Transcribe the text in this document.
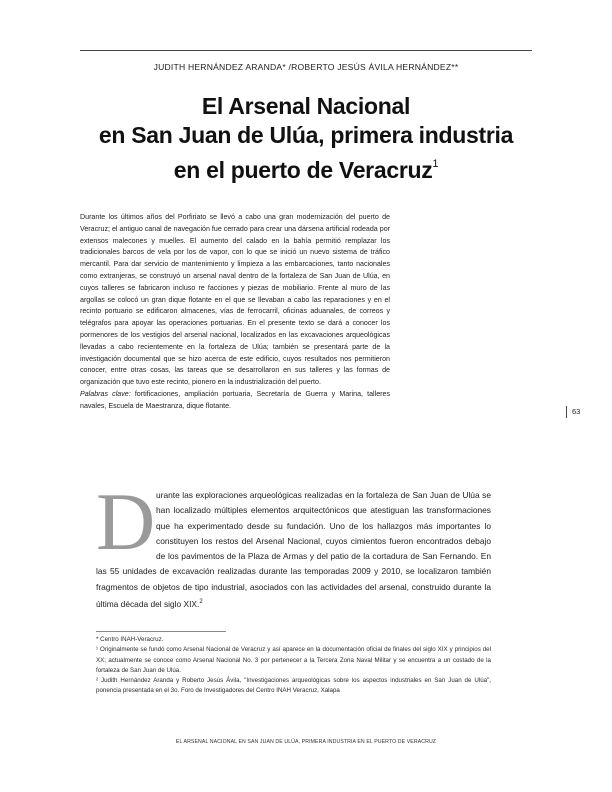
JUDITH HERNÁNDEZ ARANDA* /ROBERTO JESÚS ÁVILA HERNÁNDEZ**
El Arsenal Nacional
en San Juan de Ulúa, primera industria
en el puerto de Veracruz$^1$
Durante los últimos años del Porfiriato se llevó a cabo una gran modernización del puerto de Veracruz; el antiguo canal de navegación fue cerrado para crear una dársena artificial rodeada por extensos malecones y muelles. El aumento del calado en la bahía permitió remplazar los tradicionales barcos de vela por los de vapor, con lo que se inició un nuevo sistema de tráfico mercantil. Para dar servicio de mantenimiento y limpieza a las embarcaciones, tanto nacionales como extranjeras, se construyó un arsenal naval dentro de la fortaleza de San Juan de Ulúa, en cuyos talleres se fabricaron incluso re facciones y piezas de mobiliario. Frente al muro de las argollas se colocó un gran dique flotante en el que se llevaban a cabo las reparaciones y en el recinto portuario se edificaron almacenes, vías de ferrocarril, oficinas aduanales, de correos y telégrafos para apoyar las operaciones portuarias. En el presente texto se dará a conocer los pormenores de los vestigios del arsenal nacional, localizados en las excavaciones arqueológicas llevadas a cabo recientemente en la fortaleza de Ulúa; también se presentará parte de la investigación documental que se hizo acerca de este edificio, cuyos resultados nos permitieron conocer, entre otras cosas, las tareas que se desarrollaron en sus talleres y las formas de organización que tuvo este recinto, pionero en la industrialización del puerto.
Palabras clave: fortificaciones, ampliación portuaria, Secretaría de Guerra y Marina, talleres navales, Escuela de Maestranza, dique flotante.
63
Durante las exploraciones arqueológicas realizadas en la fortaleza de San Juan de Ulúa se han localizado múltiples elementos arquitectónicos que atestiguan las transformaciones que ha experimentado desde su fundación. Uno de los hallazgos más importantes lo constituyen los restos del Arsenal Nacional, cuyos cimientos fueron encontrados debajo de los pavimentos de la Plaza de Armas y del patio de la cortadura de San Fernando. En las 55 unidades de excavación realizadas durante las temporadas 2009 y 2010, se localizaron también fragmentos de objetos de tipo industrial, asociados con las actividades del arsenal, construido durante la última década del siglo XIX.$^2$

* Centro INAH-Veracruz.

¹ Originalmente se fundó como Arsenal Nacional de Veracruz y así aparece en la documentación oficial de finales del siglo XIX y principios del XX; actualmente se conoce como Arsenal Nacional No. 3 por pertenecer a la Tercera Zona Naval Militar y se encuentra a un costado de la fortaleza de San Juan de Ulúa.

² Judith Hernández Aranda y Roberto Jesús Ávila, "Investigaciones arqueológicas sobre los aspectos industriales en San Juan de Ulúa", ponencia presentada en el 3o. Foro de Investigadores del Centro INAH Veracruz, Xalapa

EL ARSENAL NACIONAL EN SAN JUAN DE ULÚA, PRIMERA INDUSTRIA EN EL PUERTO DE VERACRUZ
